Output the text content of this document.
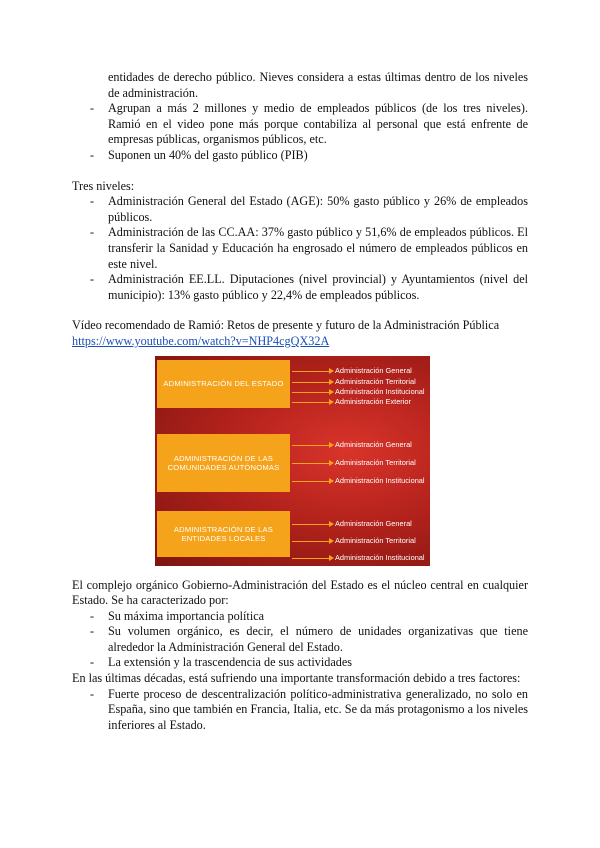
entidades de derecho público. Nieves considera a estas últimas dentro de los niveles de administración.

- Agrupan a más 2 millones y medio de empleados públicos (de los tres niveles). Ramió en el video pone más porque contabiliza al personal que está enfrente de empresas públicas, organismos públicos, etc.
- Suponen un 40% del gasto público (PIB)

Tres niveles:

- Administración General del Estado (AGE): 50% gasto público y 26% de empleados públicos.
- Administración de las CC.AA: 37% gasto público y 51,6% de empleados públicos. El transferir la Sanidad y Educación ha engrosado el número de empleados públicos en este nivel.
- Administración EE.LL. Diputaciones (nivel provincial) y Ayuntamientos (nivel del municipio): 13% gasto público y 22,4% de empleados públicos.

Vídeo recomendado de Ramió: Retos de presente y futuro de la Administración Pública

https://www.youtube.com/watch?v=NHP4cgQX32A

ADMINISTRACIÓN DEL ESTADO
ADMINISTRACIÓN DE LAS COMUNIDADES AUTÓNOMAS
ADMINISTRACIÓN DE LAS ENTIDADES LOCALES
Administración General
Administración Territorial
Administración Institucional
Administración Exterior
Administración General
Administración Territorial
Administración Institucional
Administración General
Administración Territorial
Administración Institucional

El complejo orgánico Gobierno-Administración del Estado es el núcleo central en cualquier Estado. Se ha caracterizado por:

- Su máxima importancia política
- Su volumen orgánico, es decir, el número de unidades organizativas que tiene alrededor la Administración General del Estado.
- La extensión y la trascendencia de sus actividades

En las últimas décadas, está sufriendo una importante transformación debido a tres factores:

- Fuerte proceso de descentralización político-administrativa generalizado, no solo en España, sino que también en Francia, Italia, etc. Se da más protagonismo a los niveles inferiores al Estado.
